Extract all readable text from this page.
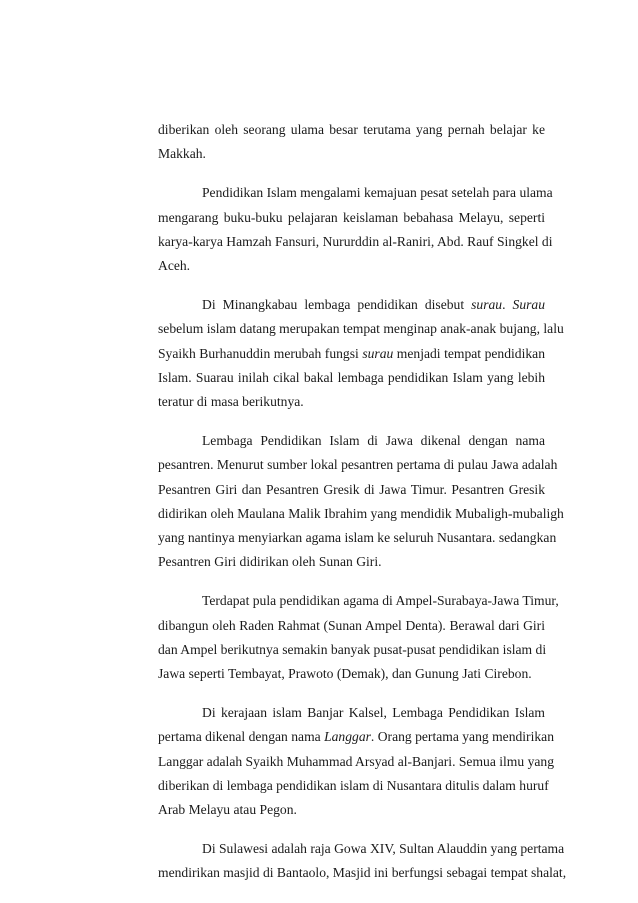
diberikan oleh seorang ulama besar terutama yang pernah belajar ke
Makkah.

Pendidikan Islam mengalami kemajuan pesat setelah para ulama
mengarang buku-buku pelajaran keislaman bebahasa Melayu, seperti
karya-karya Hamzah Fansuri, Nururddin al-Raniri, Abd. Rauf Singkel di
Aceh.

Di Minangkabau lembaga pendidikan disebut surau. Surau
sebelum islam datang merupakan tempat menginap anak-anak bujang, lalu
Syaikh Burhanuddin merubah fungsi surau menjadi tempat pendidikan
Islam. Suarau inilah cikal bakal lembaga pendidikan Islam yang lebih
teratur di masa berikutnya.

Lembaga Pendidikan Islam di Jawa dikenal dengan nama
pesantren. Menurut sumber lokal pesantren pertama di pulau Jawa adalah
Pesantren Giri dan Pesantren Gresik di Jawa Timur. Pesantren Gresik
didirikan oleh Maulana Malik Ibrahim yang mendidik Mubaligh-mubaligh
yang nantinya menyiarkan agama islam ke seluruh Nusantara. sedangkan
Pesantren Giri didirikan oleh Sunan Giri.

Terdapat pula pendidikan agama di Ampel-Surabaya-Jawa Timur,
dibangun oleh Raden Rahmat (Sunan Ampel Denta). Berawal dari Giri
dan Ampel berikutnya semakin banyak pusat-pusat pendidikan islam di
Jawa seperti Tembayat, Prawoto (Demak), dan Gunung Jati Cirebon.

Di kerajaan islam Banjar Kalsel, Lembaga Pendidikan Islam
pertama dikenal dengan nama Langgar. Orang pertama yang mendirikan
Langgar adalah Syaikh Muhammad Arsyad al-Banjari. Semua ilmu yang
diberikan di lembaga pendidikan islam di Nusantara ditulis dalam huruf
Arab Melayu atau Pegon.

Di Sulawesi adalah raja Gowa XIV, Sultan Alauddin yang pertama
mendirikan masjid di Bantaolo, Masjid ini berfungsi sebagai tempat shalat,
